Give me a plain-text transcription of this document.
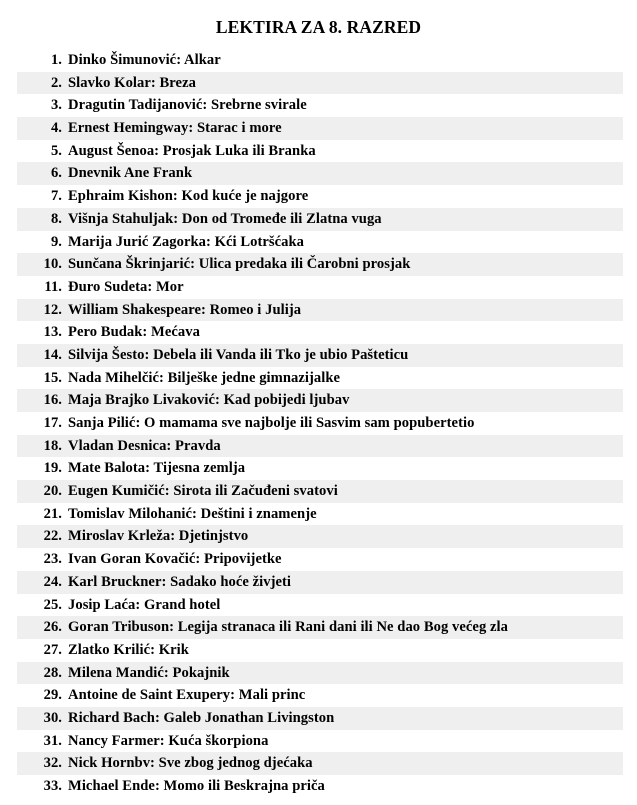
LEKTIRA ZA 8. RAZRED
1. Dinko Šimunović: Alkar
2. Slavko Kolar: Breza
3. Dragutin Tadijanović: Srebrne svirale
4. Ernest Hemingway: Starac i more
5. August Šenoa: Prosjak Luka ili Branka
6. Dnevnik Ane Frank
7. Ephraim Kishon: Kod kuće je najgore
8. Višnja Stahuljak: Don od Tromeđe ili Zlatna vuga
9. Marija Jurić Zagorka: Kći Lotršćaka
10. Sunčana Škrinjarić: Ulica predaka ili Čarobni prosjak
11. Đuro Sudeta: Mor
12. William Shakespeare: Romeo i Julija
13. Pero Budak: Mećava
14. Silvija Šesto: Debela ili Vanda ili Tko je ubio Pašteticu
15. Nada Mihelčić: Bilješke jedne gimnazijalke
16. Maja Brajko Livaković: Kad pobijedi ljubav
17. Sanja Pilić: O mamama sve najbolje ili Sasvim sam popubertetio
18. Vladan Desnica: Pravda
19. Mate Balota: Tijesna zemlja
20. Eugen Kumičić: Sirota ili Začuđeni svatovi
21. Tomislav Milohanić: Deštini i znamenje
22. Miroslav Krleža: Djetinjstvo
23. Ivan Goran Kovačić: Pripovijetke
24. Karl Bruckner: Sadako hoće živjeti
25. Josip Laća: Grand hotel
26. Goran Tribuson: Legija stranaca ili Rani dani ili Ne dao Bog većeg zla
27. Zlatko Krilić: Krik
28. Milena Mandić: Pokajnik
29. Antoine de Saint Exupery: Mali princ
30. Richard Bach: Galeb Jonathan Livingston
31. Nancy Farmer: Kuća škorpiona
32. Nick Hornbv: Sve zbog jednog djećaka
33. Michael Ende: Momo ili Beskrajna priča
